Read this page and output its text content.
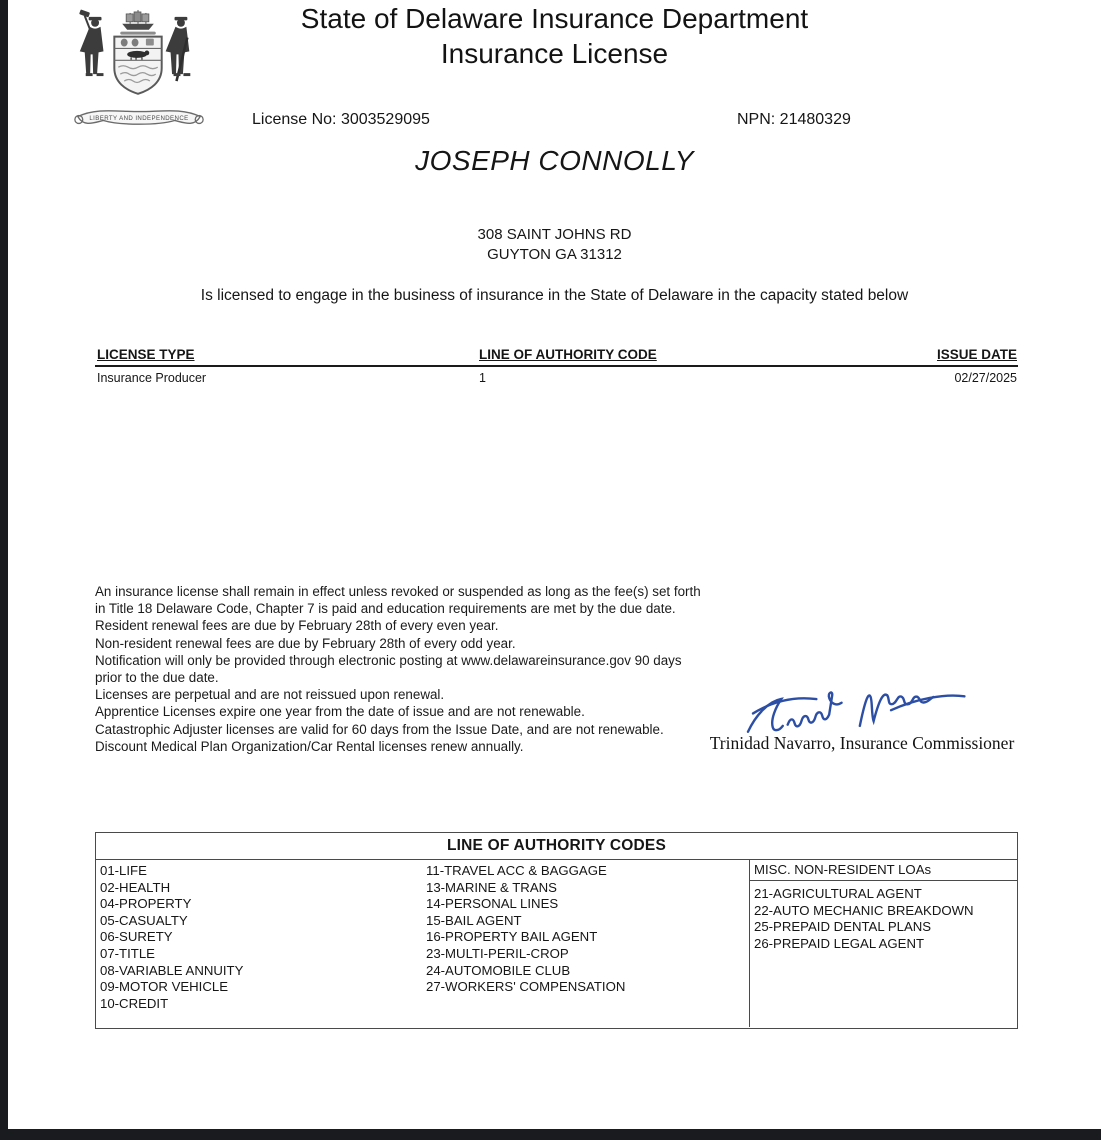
LIBERTY AND INDEPENDENCE
State of Delaware Insurance Department
Insurance License
License No: 3003529095	NPN: 21480329
JOSEPH CONNOLLY
308 SAINT JOHNS RD
GUYTON GA 31312
Is licensed to engage in the business of insurance in the State of Delaware in the capacity stated below
LICENSE TYPE	LINE OF AUTHORITY CODE	ISSUE DATE
Insurance Producer	1	02/27/2025
An insurance license shall remain in effect unless revoked or suspended as long as the fee(s) set forth in Title 18 Delaware Code, Chapter 7 is paid and education requirements are met by the due date.
Resident renewal fees are due by February 28th of every even year.
Non-resident renewal fees are due by February 28th of every odd year.
Notification will only be provided through electronic posting at www.delawareinsurance.gov 90 days prior to the due date.
Licenses are perpetual and are not reissued upon renewal.
Apprentice Licenses expire one year from the date of issue and are not renewable.
Catastrophic Adjuster licenses are valid for 60 days from the Issue Date, and are not renewable.
Discount Medical Plan Organization/Car Rental licenses renew annually.	Trinidad Navarro, Insurance Commissioner
LINE OF AUTHORITY CODES
01-LIFE
02-HEALTH
04-PROPERTY
05-CASUALTY
06-SURETY
07-TITLE
08-VARIABLE ANNUITY
09-MOTOR VEHICLE
10-CREDIT
11-TRAVEL ACC & BAGGAGE
13-MARINE & TRANS
14-PERSONAL LINES
15-BAIL AGENT
16-PROPERTY BAIL AGENT
23-MULTI-PERIL-CROP
24-AUTOMOBILE CLUB
27-WORKERS' COMPENSATION
MISC. NON-RESIDENT LOAs
21-AGRICULTURAL AGENT
22-AUTO MECHANIC BREAKDOWN
25-PREPAID DENTAL PLANS
26-PREPAID LEGAL AGENT
